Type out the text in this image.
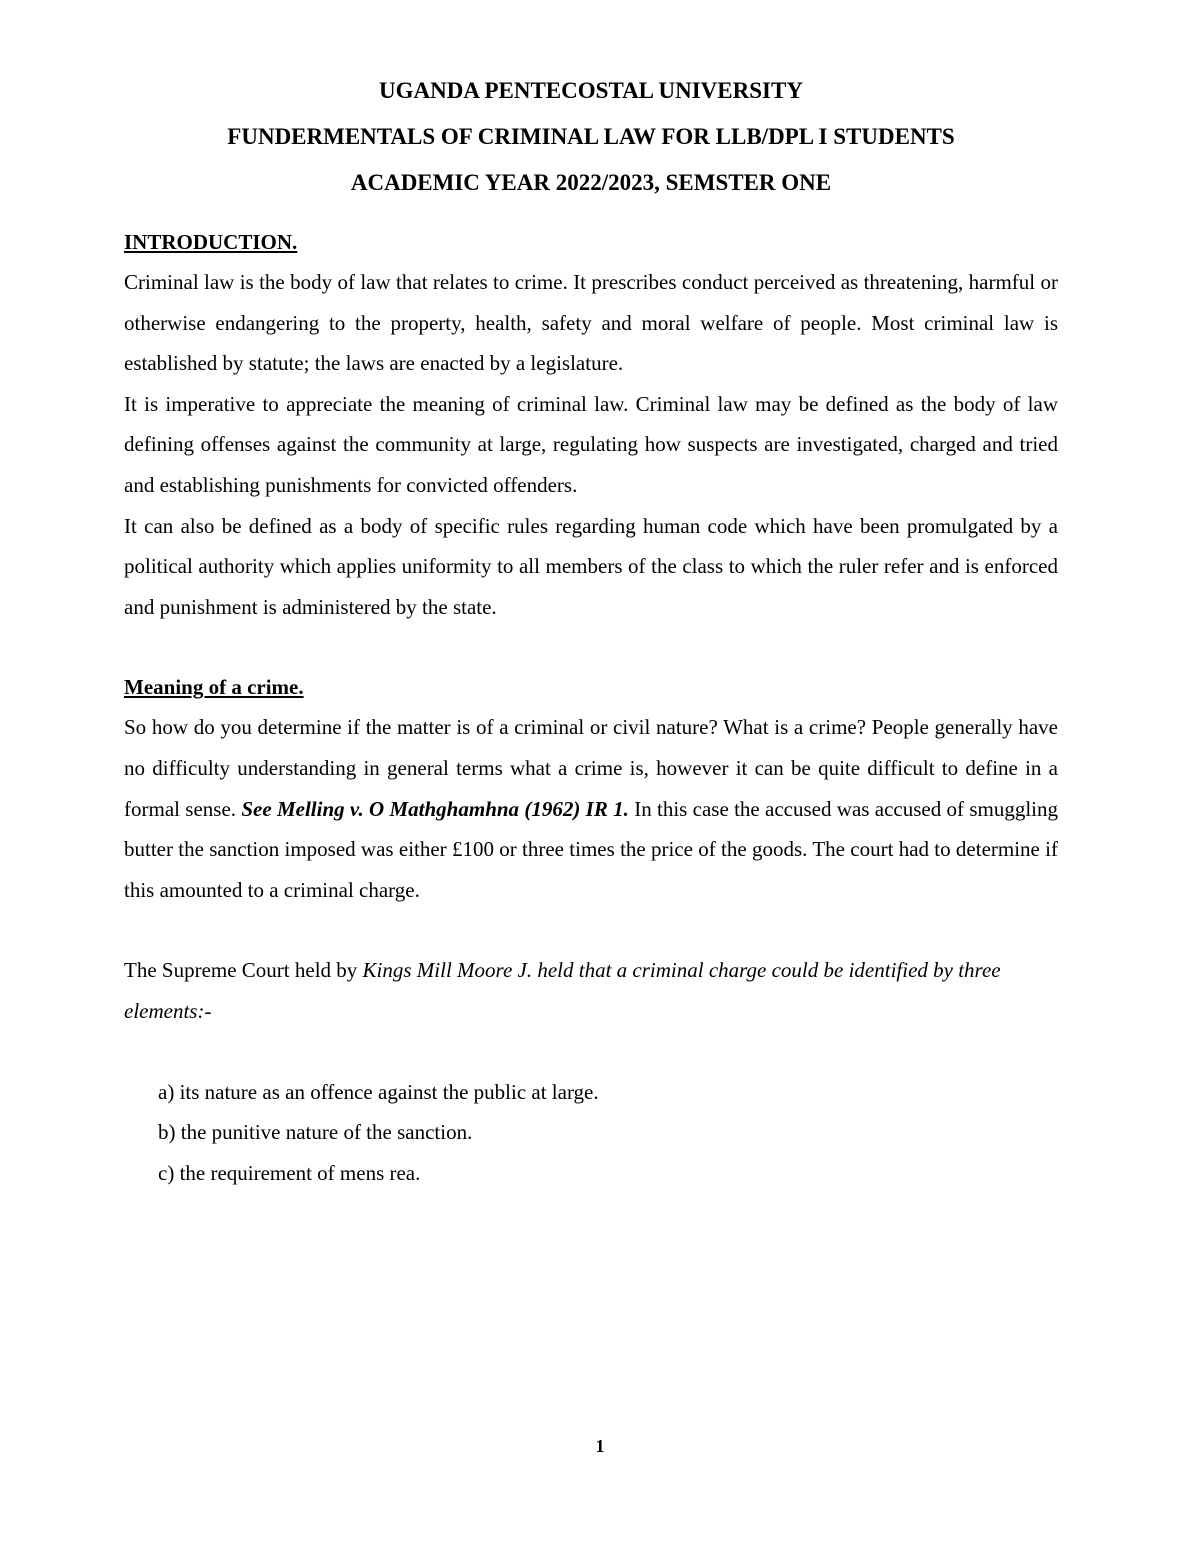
UGANDA PENTECOSTAL UNIVERSITY

FUNDERMENTALS OF CRIMINAL LAW FOR LLB/DPL I STUDENTS

ACADEMIC YEAR 2022/2023, SEMSTER ONE

INTRODUCTION.

Criminal law is the body of law that relates to crime. It prescribes conduct perceived as threatening, harmful or otherwise endangering to the property, health, safety and moral welfare of people. Most criminal law is established by statute; the laws are enacted by a legislature.

It is imperative to appreciate the meaning of criminal law. Criminal law may be defined as the body of law defining offenses against the community at large, regulating how suspects are investigated, charged and tried and establishing punishments for convicted offenders.

It can also be defined as a body of specific rules regarding human code which have been promulgated by a political authority which applies uniformity to all members of the class to which the ruler refer and is enforced and punishment is administered by the state.

Meaning of a crime.

So how do you determine if the matter is of a criminal or civil nature? What is a crime? People generally have no difficulty understanding in general terms what a crime is, however it can be quite difficult to define in a formal sense. See Melling v. O Mathghamhna (1962) IR 1. In this case the accused was accused of smuggling butter the sanction imposed was either £100 or three times the price of the goods. The court had to determine if this amounted to a criminal charge.

The Supreme Court held by Kings Mill Moore J. held that a criminal charge could be identified by three elements:-

a) its nature as an offence against the public at large.
b) the punitive nature of the sanction.
c) the requirement of mens rea.
1
